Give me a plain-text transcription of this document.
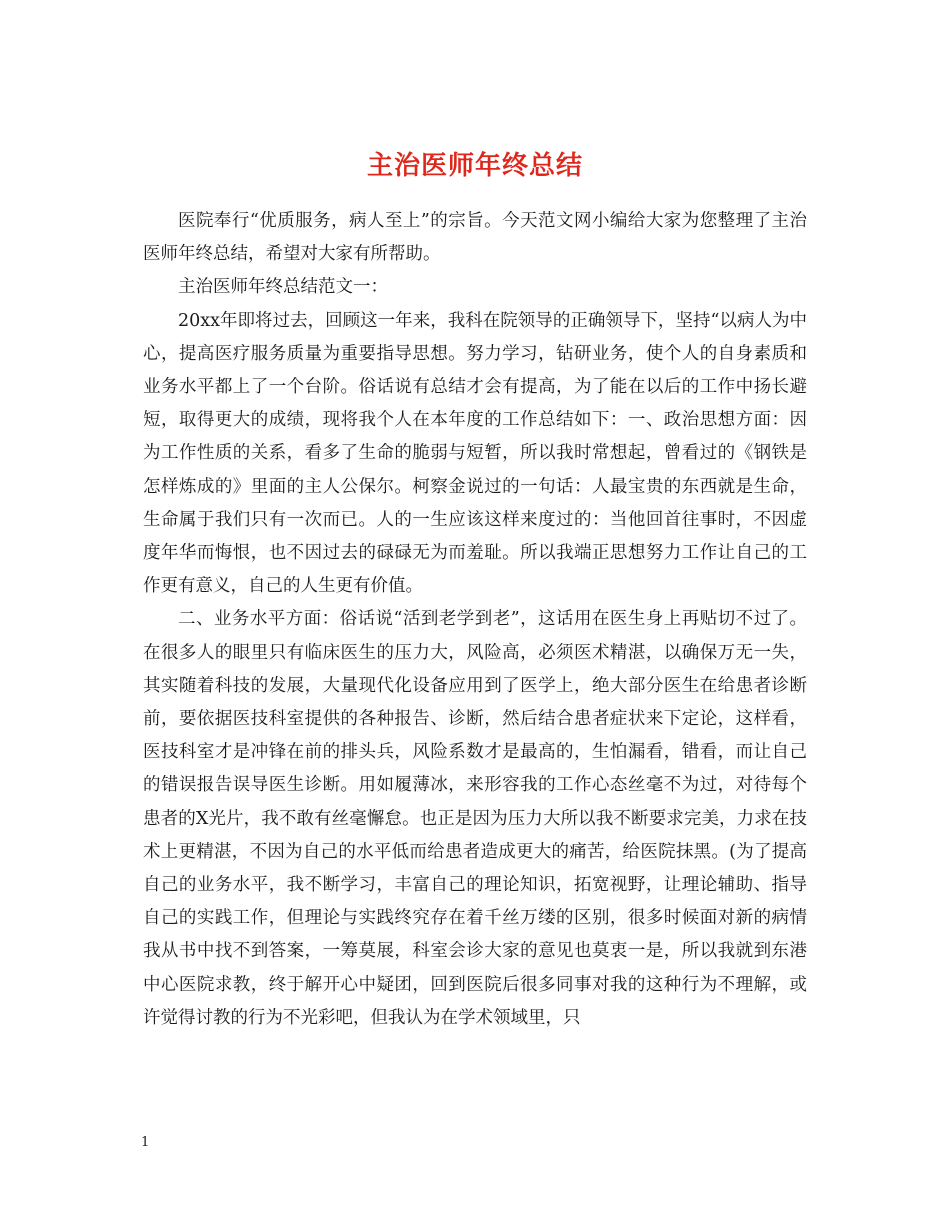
主治医师年终总结

医院奉行“优质服务，病人至上”的宗旨。今天范文网小编给大家为您整理了主治医师年终总结，希望对大家有所帮助。

主治医师年终总结范文一：

20xx年即将过去，回顾这一年来，我科在院领导的正确领导下，坚持“以病人为中心，提高医疗服务质量为重要指导思想。努力学习，钻研业务，使个人的自身素质和业务水平都上了一个台阶。俗话说有总结才会有提高，为了能在以后的工作中扬长避短，取得更大的成绩，现将我个人在本年度的工作总结如下：一、政治思想方面：因为工作性质的关系，看多了生命的脆弱与短暂，所以我时常想起，曾看过的《钢铁是怎样炼成的》里面的主人公保尔。柯察金说过的一句话：人最宝贵的东西就是生命，生命属于我们只有一次而已。人的一生应该这样来度过的：当他回首往事时，不因虚度年华而悔恨，也不因过去的碌碌无为而羞耻。所以我端正思想努力工作让自己的工作更有意义，自己的人生更有价值。

二、业务水平方面：俗话说“活到老学到老”，这话用在医生身上再贴切不过了。在很多人的眼里只有临床医生的压力大，风险高，必须医术精湛，以确保万无一失，其实随着科技的发展，大量现代化设备应用到了医学上，绝大部分医生在给患者诊断前，要依据医技科室提供的各种报告、诊断，然后结合患者症状来下定论，这样看，医技科室才是冲锋在前的排头兵，风险系数才是最高的，生怕漏看，错看，而让自己的错误报告误导医生诊断。用如履薄冰，来形容我的工作心态丝毫不为过，对待每个患者的X光片，我不敢有丝毫懈怠。也正是因为压力大所以我不断要求完美，力求在技术上更精湛，不因为自己的水平低而给患者造成更大的痛苦，给医院抹黑。(为了提高自己的业务水平，我不断学习，丰富自己的理论知识，拓宽视野，让理论辅助、指导自己的实践工作，但理论与实践终究存在着千丝万缕的区别，很多时候面对新的病情我从书中找不到答案，一筹莫展，科室会诊大家的意见也莫衷一是，所以我就到东港中心医院求教，终于解开心中疑团，回到医院后很多同事对我的这种行为不理解，或许觉得讨教的行为不光彩吧，但我认为在学术领域里，只

1
